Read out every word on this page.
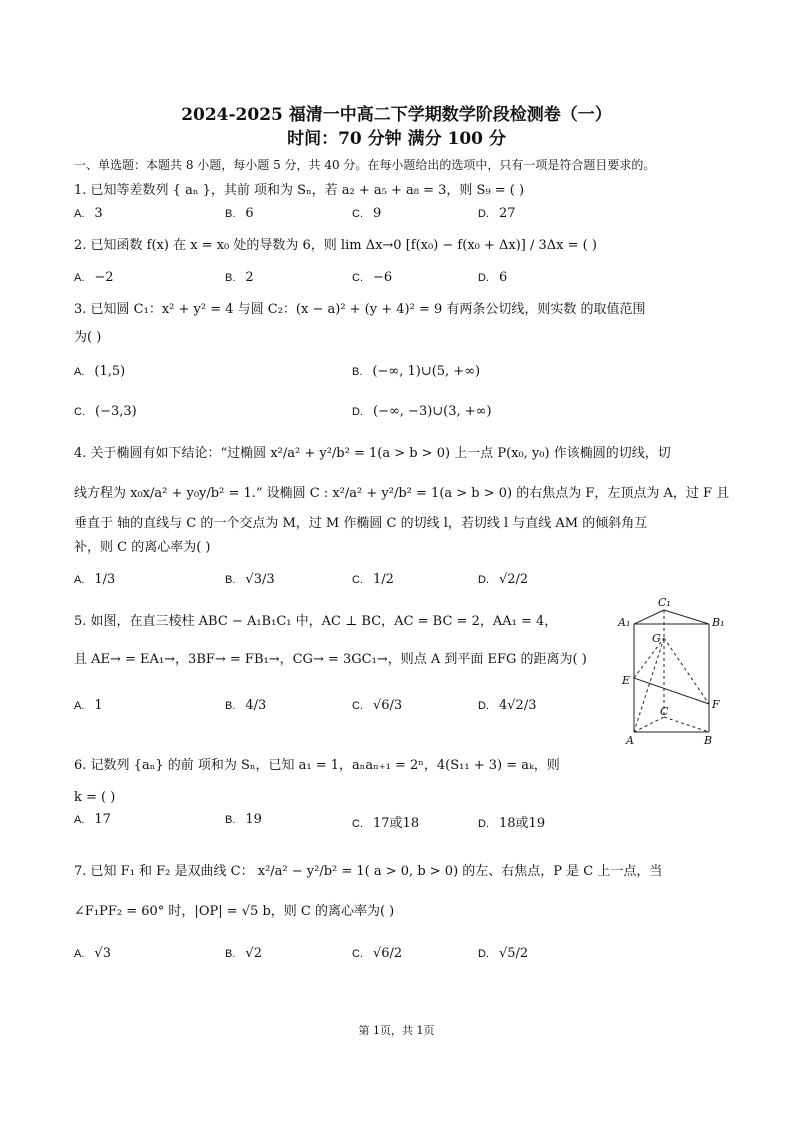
2024-2025 福清一中高二下学期数学阶段检测卷（一）
时间：70 分钟 满分 100 分
一、单选题：本题共 8 小题，每小题 5 分，共 40 分。在每小题给出的选项中，只有一项是符合题目要求的。
1. 已知等差数列 { aₙ }，其前 项和为 Sₙ，若 a₂ + a₅ + a₈ = 3，则 S₉ = ( )
A. 3	B. 6	C. 9	D. 27
2. 已知函数 f(x) 在 x = x₀ 处的导数为 6，则 lim Δx→0 [f(x₀) − f(x₀ + Δx)] / 3Δx = ( )
A. −2	B. 2	C. −6	D. 6
3. 已知圆 C₁：x² + y² = 4 与圆 C₂：(x − a)² + (y + 4)² = 9 有两条公切线，则实数 的取值范围
为( )
A. (1,5)	B. (−∞, 1)∪(5, +∞)
C. (−3,3)	D. (−∞, −3)∪(3, +∞)
4. 关于椭圆有如下结论：“过椭圆 x²/a² + y²/b² = 1(a > b > 0) 上一点 P(x₀, y₀) 作该椭圆的切线，切
线方程为 x₀x/a² + y₀y/b² = 1.” 设椭圆 C : x²/a² + y²/b² = 1(a > b > 0) 的右焦点为 F，左顶点为 A，过 F 且
垂直于 轴的直线与 C 的一个交点为 M，过 M 作椭圆 C 的切线 l，若切线 l 与直线 AM 的倾斜角互
补，则 C 的离心率为( )
A. 1/3	B. √3/3	C. 1/2	D. √2/2
5. 如图，在直三棱柱 ABC − A₁B₁C₁ 中，AC ⊥ BC，AC = BC = 2，AA₁ = 4，
且 AE→ = EA₁→，3BF→ = FB₁→，CG→ = 3GC₁→，则点 A 到平面 EFG 的距离为( )
A. 1	B. 4/3	C. √6/3	D. 4√2/3
C₁
A₁	B₁
G
E
F
C
A	B
6. 记数列 {aₙ} 的前 项和为 Sₙ，已知 a₁ = 1，aₙaₙ₊₁ = 2ⁿ，4(S₁₁ + 3) = aₖ，则
k = ( )
A. 17	B. 19	C. 17或18	D. 18或19
7. 已知 F₁ 和 F₂ 是双曲线 C： x²/a² − y²/b² = 1( a > 0, b > 0) 的左、右焦点，P 是 C 上一点，当
∠F₁PF₂ = 60° 时，|OP| = √5 b，则 C 的离心率为( )
A. √3	B. √2	C. √6/2	D. √5/2
第 1页，共 1页
